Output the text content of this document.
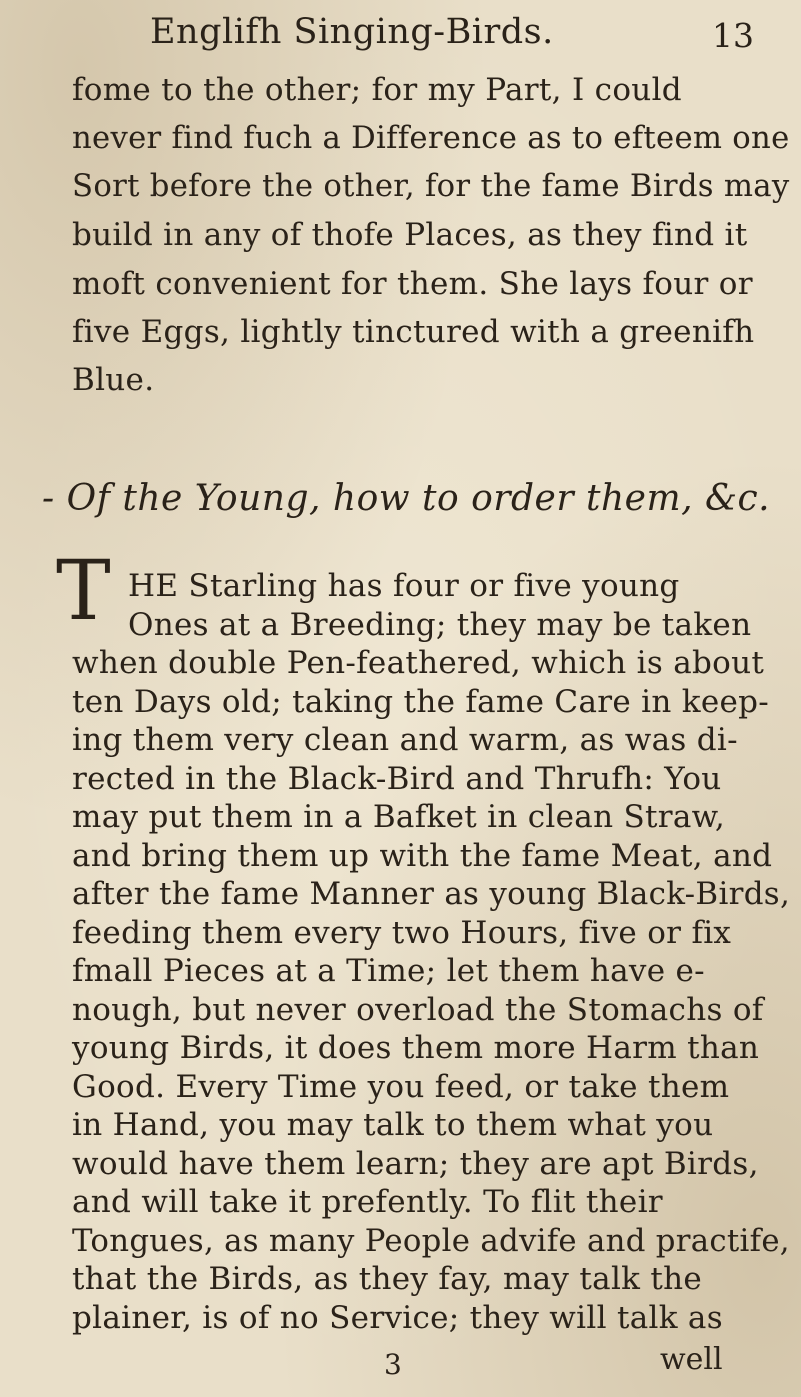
Englifh Singing-Birds.	13
fome to the other; for my Part, I could
never find fuch a Difference as to efteem one
Sort before the other, for the fame Birds may
build in any of thofe Places, as they find it
moft convenient for them. She lays four or
five Eggs, lightly tinctured with a greenifh
Blue.
- Of the Young, how to order them, &c.
T HE Starling has four or five young
Ones at a Breeding; they may be taken
when double Pen-feathered, which is about
ten Days old; taking the fame Care in keep-
ing them very clean and warm, as was di-
rected in the Black-Bird and Thrufh: You
may put them in a Bafket in clean Straw,
and bring them up with the fame Meat, and
after the fame Manner as young Black-Birds,
feeding them every two Hours, five or fix
fmall Pieces at a Time; let them have e-
nough, but never overload the Stomachs of
young Birds, it does them more Harm than
Good. Every Time you feed, or take them
in Hand, you may talk to them what you
would have them learn; they are apt Birds,
and will take it prefently. To flit their
Tongues, as many People advife and practife,
that the Birds, as they fay, may talk the
plainer, is of no Service; they will talk as
3	well
